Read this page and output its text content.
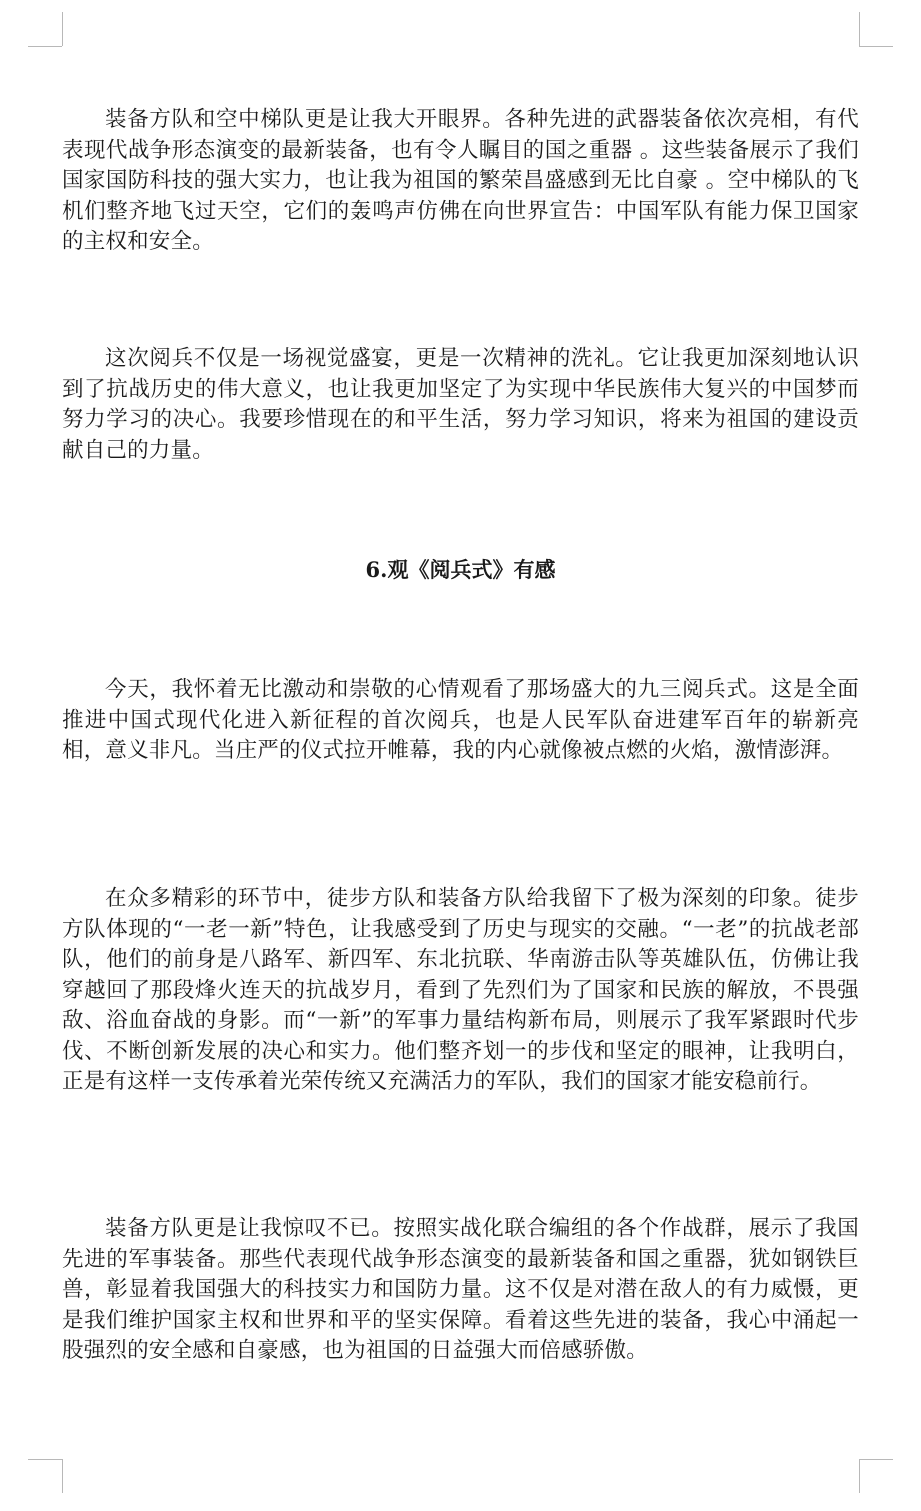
装备方队和空中梯队更是让我大开眼界。各种先进的武器装备依次亮相，有代表现代战争形态演变的最新装备，也有令人瞩目的国之重器 。这些装备展示了我们国家国防科技的强大实力，也让我为祖国的繁荣昌盛感到无比自豪 。空中梯队的飞机们整齐地飞过天空，它们的轰鸣声仿佛在向世界宣告：中国军队有能力保卫国家的主权和安全。

这次阅兵不仅是一场视觉盛宴，更是一次精神的洗礼。它让我更加深刻地认识到了抗战历史的伟大意义，也让我更加坚定了为实现中华民族伟大复兴的中国梦而努力学习的决心。我要珍惜现在的和平生活，努力学习知识，将来为祖国的建设贡献自己的力量。

6.观《阅兵式》有感

今天，我怀着无比激动和崇敬的心情观看了那场盛大的九三阅兵式。这是全面推进中国式现代化进入新征程的首次阅兵，也是人民军队奋进建军百年的崭新亮相，意义非凡。当庄严的仪式拉开帷幕，我的内心就像被点燃的火焰，激情澎湃。

在众多精彩的环节中，徒步方队和装备方队给我留下了极为深刻的印象。徒步方队体现的“一老一新”特色，让我感受到了历史与现实的交融。“一老”的抗战老部队，他们的前身是八路军、新四军、东北抗联、华南游击队等英雄队伍，仿佛让我穿越回了那段烽火连天的抗战岁月，看到了先烈们为了国家和民族的解放，不畏强敌、浴血奋战的身影。而“一新”的军事力量结构新布局，则展示了我军紧跟时代步伐、不断创新发展的决心和实力。他们整齐划一的步伐和坚定的眼神，让我明白，正是有这样一支传承着光荣传统又充满活力的军队，我们的国家才能安稳前行。

装备方队更是让我惊叹不已。按照实战化联合编组的各个作战群，展示了我国先进的军事装备。那些代表现代战争形态演变的最新装备和国之重器，犹如钢铁巨兽，彰显着我国强大的科技实力和国防力量。这不仅是对潜在敌人的有力威慑，更是我们维护国家主权和世界和平的坚实保障。看着这些先进的装备，我心中涌起一股强烈的安全感和自豪感，也为祖国的日益强大而倍感骄傲。
